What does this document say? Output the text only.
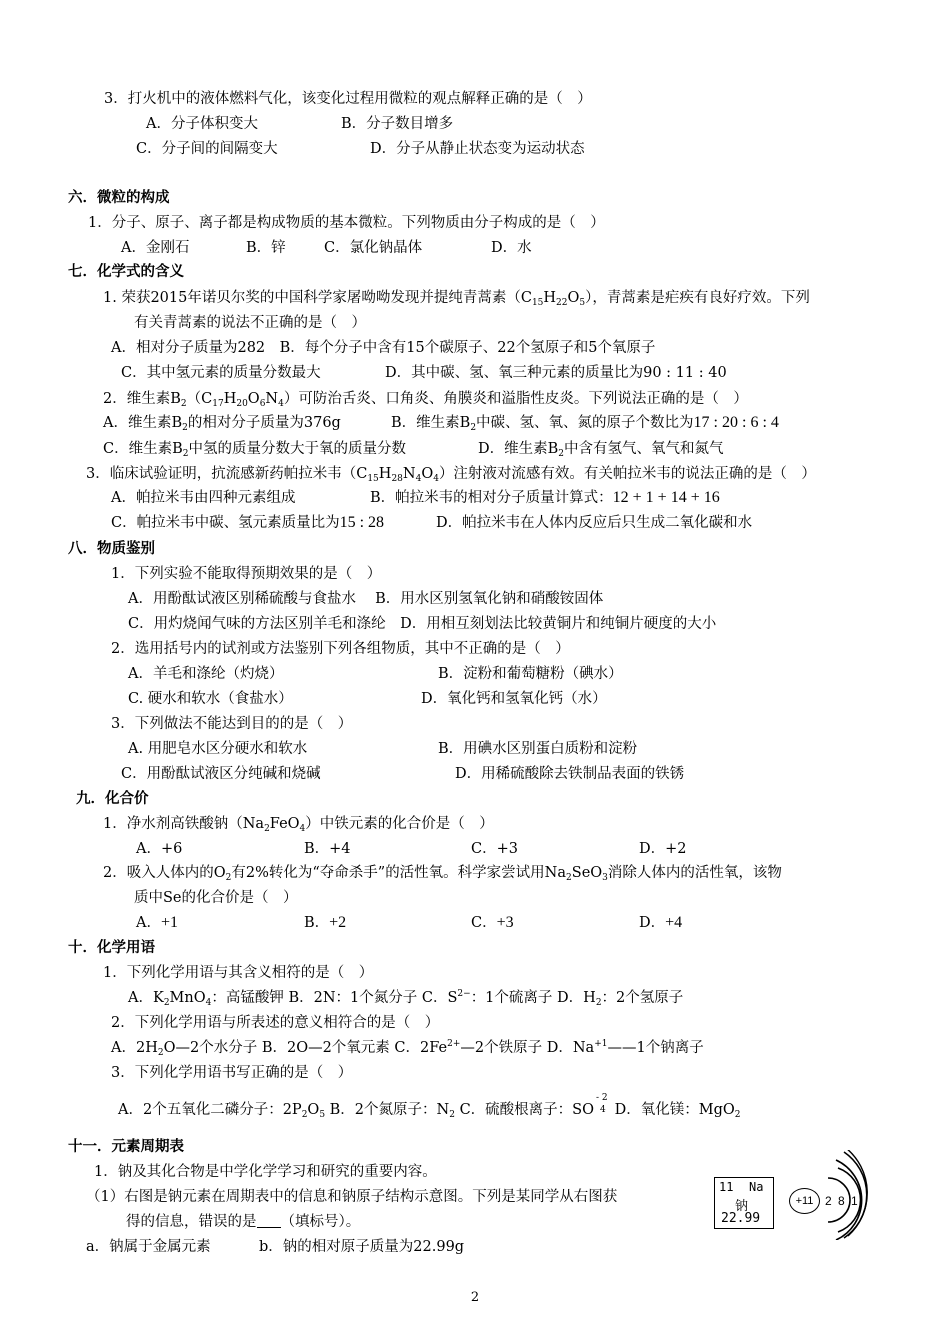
3．打火机中的液体燃料气化，该变化过程用微粒的观点解释正确的是（　）
A．分子体积变大	B．分子数目增多
C．分子间的间隔变大	D．分子从静止状态变为运动状态
六．微粒的构成
1．分子、原子、离子都是构成物质的基本微粒。下列物质由分子构成的是（　）
A．金刚石	B．锌	C．氯化钠晶体	D．水
七．化学式的含义
1. 荣获2015年诺贝尔奖的中国科学家屠呦呦发现并提纯青蒿素$(C_{15}H_{22}O_5)$，青蒿素是疟疾有良好疗效。下列
有关青蒿素的说法不正确的是（　）
A．相对分子质量为282　B．每个分子中含有15个碳原子、22个氢原子和5个氧原子
C．其中氢元素的质量分数最大	D．其中碳、氢、氧三种元素的质量比为90 : 11 : 40
2．维生素$B_2(C_{17}H_{20}O_6N_4)$可防治舌炎、口角炎、角膜炎和溢脂性皮炎。下列说法正确的是（　）
A．维生素$B_2$的相对分子质量为376g	B．维生素$B_2$中碳、氢、氧、氮的原子个数比为17 : 20 : 6 : 4
C．维生素$B_2$中氢的质量分数大于氧的质量分数	D．维生素$B_2$中含有氢气、氧气和氮气
3．临床试验证明，抗流感新药帕拉米韦$(C_{15}H_{28}N_4O_4)$注射液对流感有效。有关帕拉米韦的说法正确的是（　）
A．帕拉米韦由四种元素组成	B．帕拉米韦的相对分子质量计算式：12 + 1 + 14 + 16
C．帕拉米韦中碳、氢元素质量比为15 : 28	D．帕拉米韦在人体内反应后只生成二氧化碳和水
八．物质鉴别
1．下列实验不能取得预期效果的是（　）
A．用酚酞试液区别稀硫酸与食盐水　 B．用水区别氢氧化钠和硝酸铵固体
C．用灼烧闻气味的方法区别羊毛和涤纶　D．用相互刻划法比较黄铜片和纯铜片硬度的大小
2．选用括号内的试剂或方法鉴别下列各组物质，其中不正确的是（　）
A．羊毛和涤纶（灼烧）	B．淀粉和葡萄糖粉（碘水）
C. 硬水和软水（食盐水）	D．氧化钙和氢氧化钙（水）
3．下列做法不能达到目的的是（　）
A. 用肥皂水区分硬水和软水	B．用碘水区别蛋白质粉和淀粉
C．用酚酞试液区分纯碱和烧碱	D．用稀硫酸除去铁制品表面的铁锈
九．化合价
1．净水剂高铁酸钠$(Na_2FeO_4)$中铁元素的化合价是（　）
A．+6	B．+4	C．+3	D．+2
2．吸入人体内的$O_2$有2%转化为“夺命杀手”的活性氧。科学家尝试用$Na_2SeO_3$消除人体内的活性氧，该物
质中Se的化合价是（　）
A．+1	B．+2	C．+3	D．+4
十．化学用语
1．下列化学用语与其含义相符的是（　）
A．$K_2MnO_4$：高锰酸钾 B．2N：1个氮分子 C．$S^{2-}$：1个硫离子 D．$H_2$：2个氢原子
2．下列化学用语与所表述的意义相符合的是（　）
A．$2H_2O—2$个水分子 B．2O—2个氧元素 C．$2Fe^{2+}—2$个铁原子 D．$Na^{+1}——1$个钠离子
3．下列化学用语书写正确的是（　）
A．2个五氧化二磷分子：$2P_2O_5$ B．2个氮原子：$N_2$ C．硫酸根离子：SO
- 2
4 D．氧化镁：MgO$_2$
十一．元素周期表
1．钠及其化合物是中学化学学习和研究的重要内容。
（1）右图是钠元素在周期表中的信息和钠原子结构示意图。下列是某同学从右图获
得的信息，错误的是 （填标号）。
a．钠属于金属元素	b．钠的相对原子质量为22.99g
11 Na
钠
22.99
+11 2 8 1
2
